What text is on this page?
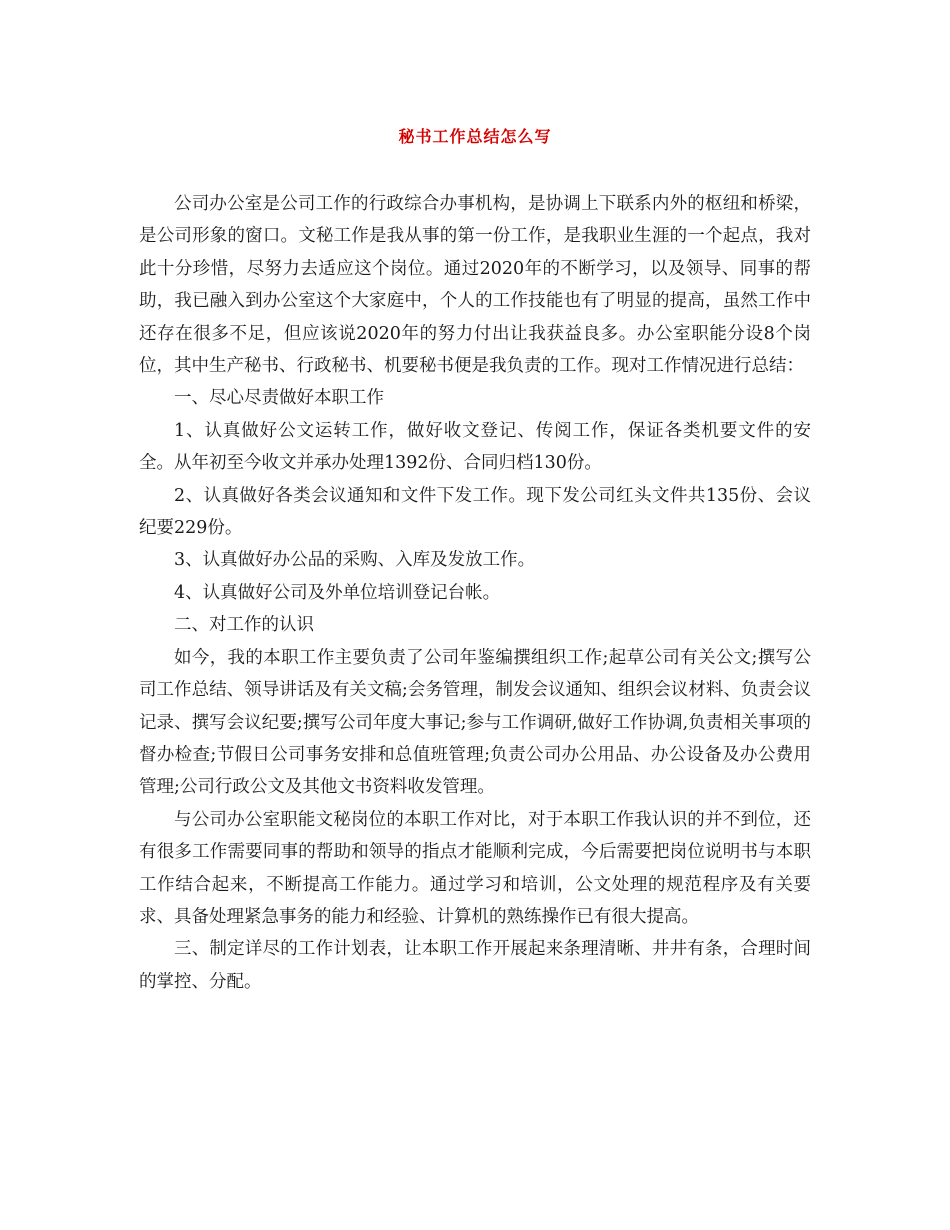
秘书工作总结怎么写

公司办公室是公司工作的行政综合办事机构，是协调上下联系内外的枢纽和桥梁，是公司形象的窗口。文秘工作是我从事的第一份工作，是我职业生涯的一个起点，我对此十分珍惜，尽努力去适应这个岗位。通过2020年的不断学习，以及领导、同事的帮助，我已融入到办公室这个大家庭中，个人的工作技能也有了明显的提高，虽然工作中还存在很多不足，但应该说2020年的努力付出让我获益良多。办公室职能分设8个岗位，其中生产秘书、行政秘书、机要秘书便是我负责的工作。现对工作情况进行总结：

一、尽心尽责做好本职工作

1、认真做好公文运转工作，做好收文登记、传阅工作，保证各类机要文件的安全。从年初至今收文并承办处理1392份、合同归档130份。

2、认真做好各类会议通知和文件下发工作。现下发公司红头文件共135份、会议纪要229份。

3、认真做好办公品的采购、入库及发放工作。

4、认真做好公司及外单位培训登记台帐。

二、对工作的认识

如今，我的本职工作主要负责了公司年鉴编撰组织工作;起草公司有关公文;撰写公司工作总结、领导讲话及有关文稿;会务管理，制发会议通知、组织会议材料、负责会议记录、撰写会议纪要;撰写公司年度大事记;参与工作调研,做好工作协调,负责相关事项的督办检查;节假日公司事务安排和总值班管理;负责公司办公用品、办公设备及办公费用管理;公司行政公文及其他文书资料收发管理。

与公司办公室职能文秘岗位的本职工作对比，对于本职工作我认识的并不到位，还有很多工作需要同事的帮助和领导的指点才能顺利完成，今后需要把岗位说明书与本职工作结合起来，不断提高工作能力。通过学习和培训，公文处理的规范程序及有关要求、具备处理紧急事务的能力和经验、计算机的熟练操作已有很大提高。

三、制定详尽的工作计划表，让本职工作开展起来条理清晰、井井有条，合理时间的掌控、分配。
